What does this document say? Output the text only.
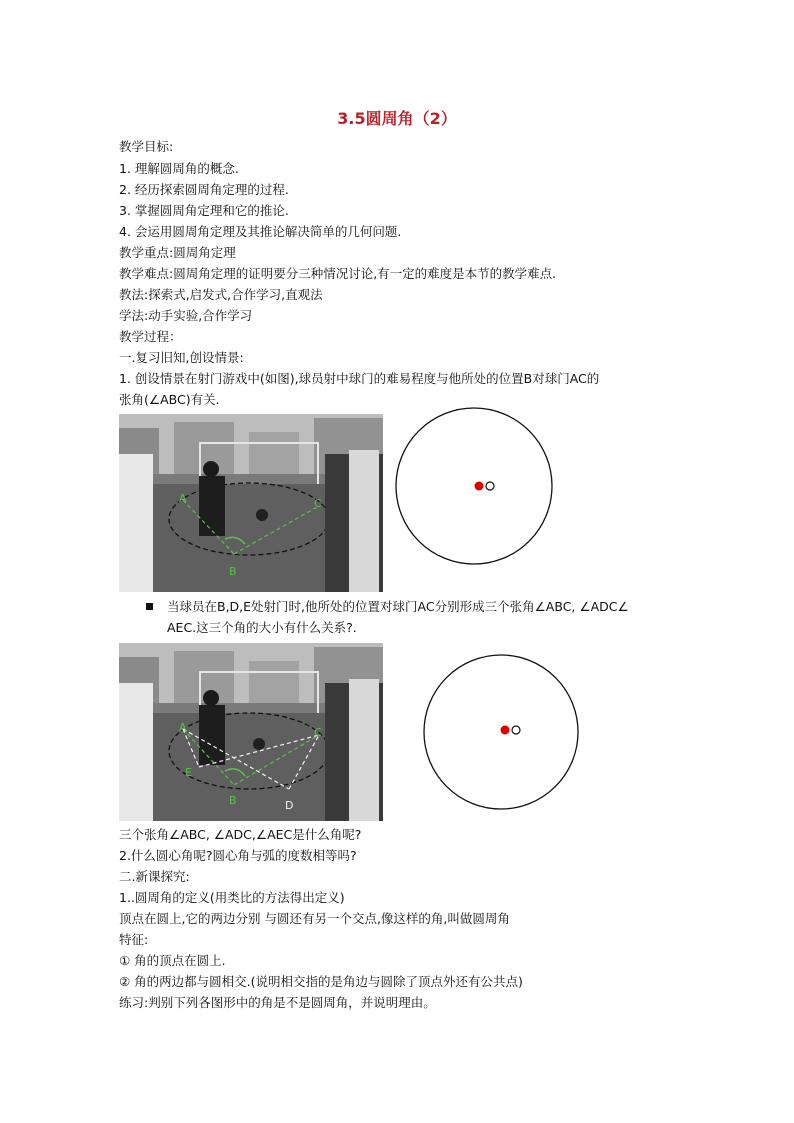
3.5圆周角（2）
教学目标:
1. 理解圆周角的概念.
2. 经历探索圆周角定理的过程.
3. 掌握圆周角定理和它的推论.
4. 会运用圆周角定理及其推论解决简单的几何问题.
教学重点:圆周角定理
教学难点:圆周角定理的证明要分三种情况讨论,有一定的难度是本节的教学难点.
教法:探索式,启发式,合作学习,直观法
学法:动手实验,合作学习
教学过程：
一.复习旧知,创设情景:
1. 创设情景在射门游戏中(如图),球员射中球门的难易程度与他所处的位置B对球门AC的
张角(∠ABC)有关.
A
B
C
当球员在B,D,E处射门时,他所处的位置对球门AC分别形成三个张角∠ABC, ∠ADC∠
AEC.这三个角的大小有什么关系?.
A
E
B
C
D
三个张角∠ABC, ∠ADC,∠AEC是什么角呢?
2.什么圆心角呢?圆心角与弧的度数相等吗?
二.新课探究:
1..圆周角的定义(用类比的方法得出定义)
顶点在圆上,它的两边分别 与圆还有另一个交点,像这样的角,叫做圆周角
特征:
① 角的顶点在圆上.
② 角的两边都与圆相交.(说明相交指的是角边与圆除了顶点外还有公共点)
练习:判别下列各图形中的角是不是圆周角，并说明理由。
